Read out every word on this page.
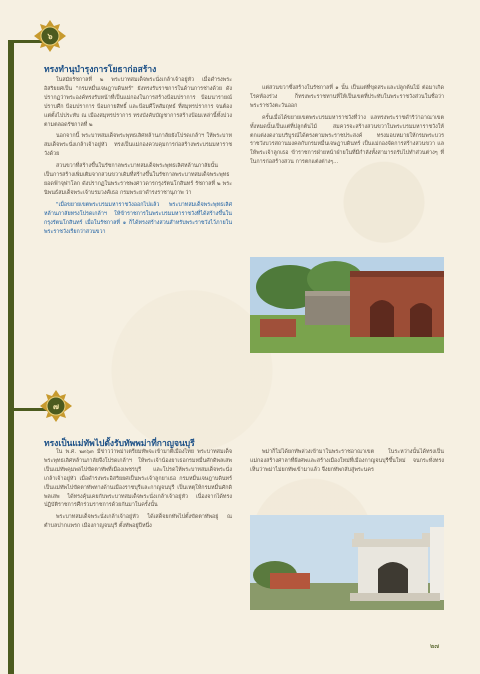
๖
๗
ทรงทำนุบำรุงการโยธาก่อสร้าง

ในสมัยรัชกาลที่ ๒ พระบาทสมเด็จพระนั่งเกล้าเจ้าอยู่หัว เมื่อดำรงพระอิสริยยศเป็น "กรมหมื่นเจษฎาบดินทร์" ยังทรงรับราชการในด้านการช่างด้วย ดังปรากฏว่าพระองค์ทรงรับหน้าที่เป็นแม่กองในการสร้างป้อมปราการ ป้อมนารายณ์ปราบศึก ป้อมปราการ ป้อมกายสิทธิ์ และป้อมศีโหสัมฤทธ์ ที่สมุทรปราการ จนต้องแต่ตั้งไปประทับ ณ เมืองสมุทรปราการ ทรงบังคับบัญชาการสร้างป้อมเหล่านี้ทั้งปวงตามตลอดรัชกาลที่ ๒

นอกจากนี้ พระบาทสมเด็จพระพุทธเลิศหล้านภาลัยยังโปรดเกล้าฯ ให้พระบาทสมเด็จพระนั่งเกล้าเจ้าอยู่หัว ทรงเป็นแม่กองควบคุมการก่อสร้างพระบรมมหาราชวังด้วย

สวนขวาที่สร้างขึ้นในรัชกาลพระบาทสมเด็จพระพุทธเลิศหล้านภาลัยนั้น เป็นการสร้างเพิ่มเติมจากสวนขวาเดิมที่สร้างขึ้นในรัชกาลพระบาทสมเด็จพระพุทธยอดฟ้าจุฬาโลก ดังปรากฏในพระราชพงศาวดารกรุงรัตนโกสินทร์ รัชกาลที่ ๒ พระนิพนธ์สมเด็จพระเจ้าบรมวงศ์เธอ กรมพระยาดำรงราชานุภาพ ว่า

"เมื่อขยายเขตพระบรมมหาราชวังออกไปแล้ว พระบาทสมเด็จพระพุทธเลิศหล้านภาลัยทรงโปรดเกล้าฯ ให้ข้าราชการในพระบรมมหาราชวังที่ได้สร้างขึ้นในกรุงรัตนโกสินทร์ เมื่อในรัชกาลที่ ๑ ก็ได้ทรงสร้างสวนสำหรับพระราชวังไว้ภายในพระราชวังเรียกว่าสวนขวา

แต่สวนขวาซึ่งสร้างในรัชกาลที่ ๑ นั้น เป็นแต่ที่ขุดสระและปลูกต้นไม้ ต่อมาเกิดโรคท้องร่วง ก็ทรงพระราชทานที่ให้เป็นเขตที่ประทับในพระราชวังส่วนในชื่อว่าพระราชวังตะวันออก

ครั้นเมื่อได้ขยายเขตพระบรมมหาราชวังที่ว่าง แลทรงพระราชดำริว่าอาณาเขตทั้งหมดนั้นเป็นแต่ที่ปลูกต้นไม้ สมควรจะสร้างสวนขวาในพระบรมมหาราชวังให้ตกแต่งงดงามบริบูรณ์ได้ตรงตามพระราชประสงค์ ทรงมอบหมายให้กรมพระบวรราชวังบวรสถานมงคลกับกรมหมื่นเจษฎาบดินทร์ เป็นแม่กองจัดการสร้างสวนขวา แลให้พระเจ้าลูกเธอ ข้าราชการฝ่ายหน้าฝ่ายในที่มีกำลังทั้งสามารถรับไปทำส่วนต่างๆ ที่ในการก่อสร้างสวน การตกแต่งต่างๆ...

ทรงเป็นแม่ทัพไปตั้งรับทัพพม่าที่กาญจนบุรี

ใน พ.ศ. ๒๓๖๓ มีข่าวว่าพม่าเตรียมทัพจะเข้ามาตีเมืองไทย พระบาทสมเด็จพระพุทธเลิศหล้านภาลัยจึงโปรดเกล้าฯ ให้พระเจ้าน้องยาเธอกรมหมื่นศักดิพลเสพเป็นแม่ทัพคุมพลไปขัดตาทัพที่เมืองเพชรบุรี และโปรดให้พระบาทสมเด็จพระนั่งเกล้าเจ้าอยู่หัว เมื่อดำรงพระอิสริยยศเป็นพระเจ้าลูกยาเธอ กรมหมื่นเจษฎาบดินทร์ เป็นแม่ทัพไปขัดตาทัพทางด้านเมืองราชบุรีและกาญจนบุรี เป็นเหตุให้กรมหมื่นศักดิพลเสพ ได้ทรงคุ้นเคยกับพระบาทสมเด็จพระนั่งเกล้าเจ้าอยู่หัว เนื่องจากได้ทรงปฏิบัติราชการศึกร่วมราชการด้วยกันมาในครั้งนั้น

พระบาทสมเด็จพระนั่งเกล้าเจ้าอยู่หัว ได้เสด็จยกทัพไปตั้งขัดตาทัพอยู่ ณ ตำบลปากแพรก เมืองกาญจนบุรี ตั้งทัพอยู่ปีหนึ่ง

พม่าก็ไม่ได้ยกทัพล่วงเข้ามาในพระราชอาณาเขต ในระหว่างนั้นได้ทรงเป็นแม่กองสร้างศาลาที่ฝังศพและสร้างเมืองใหม่ที่เมืองกาญจนบุรีขึ้นใหม่ จนกระทั่งทรงเห็นว่าพม่าไม่ยกทัพเข้ามาแล้ว จึงยกทัพกลับสู่พระนคร

๒๗
